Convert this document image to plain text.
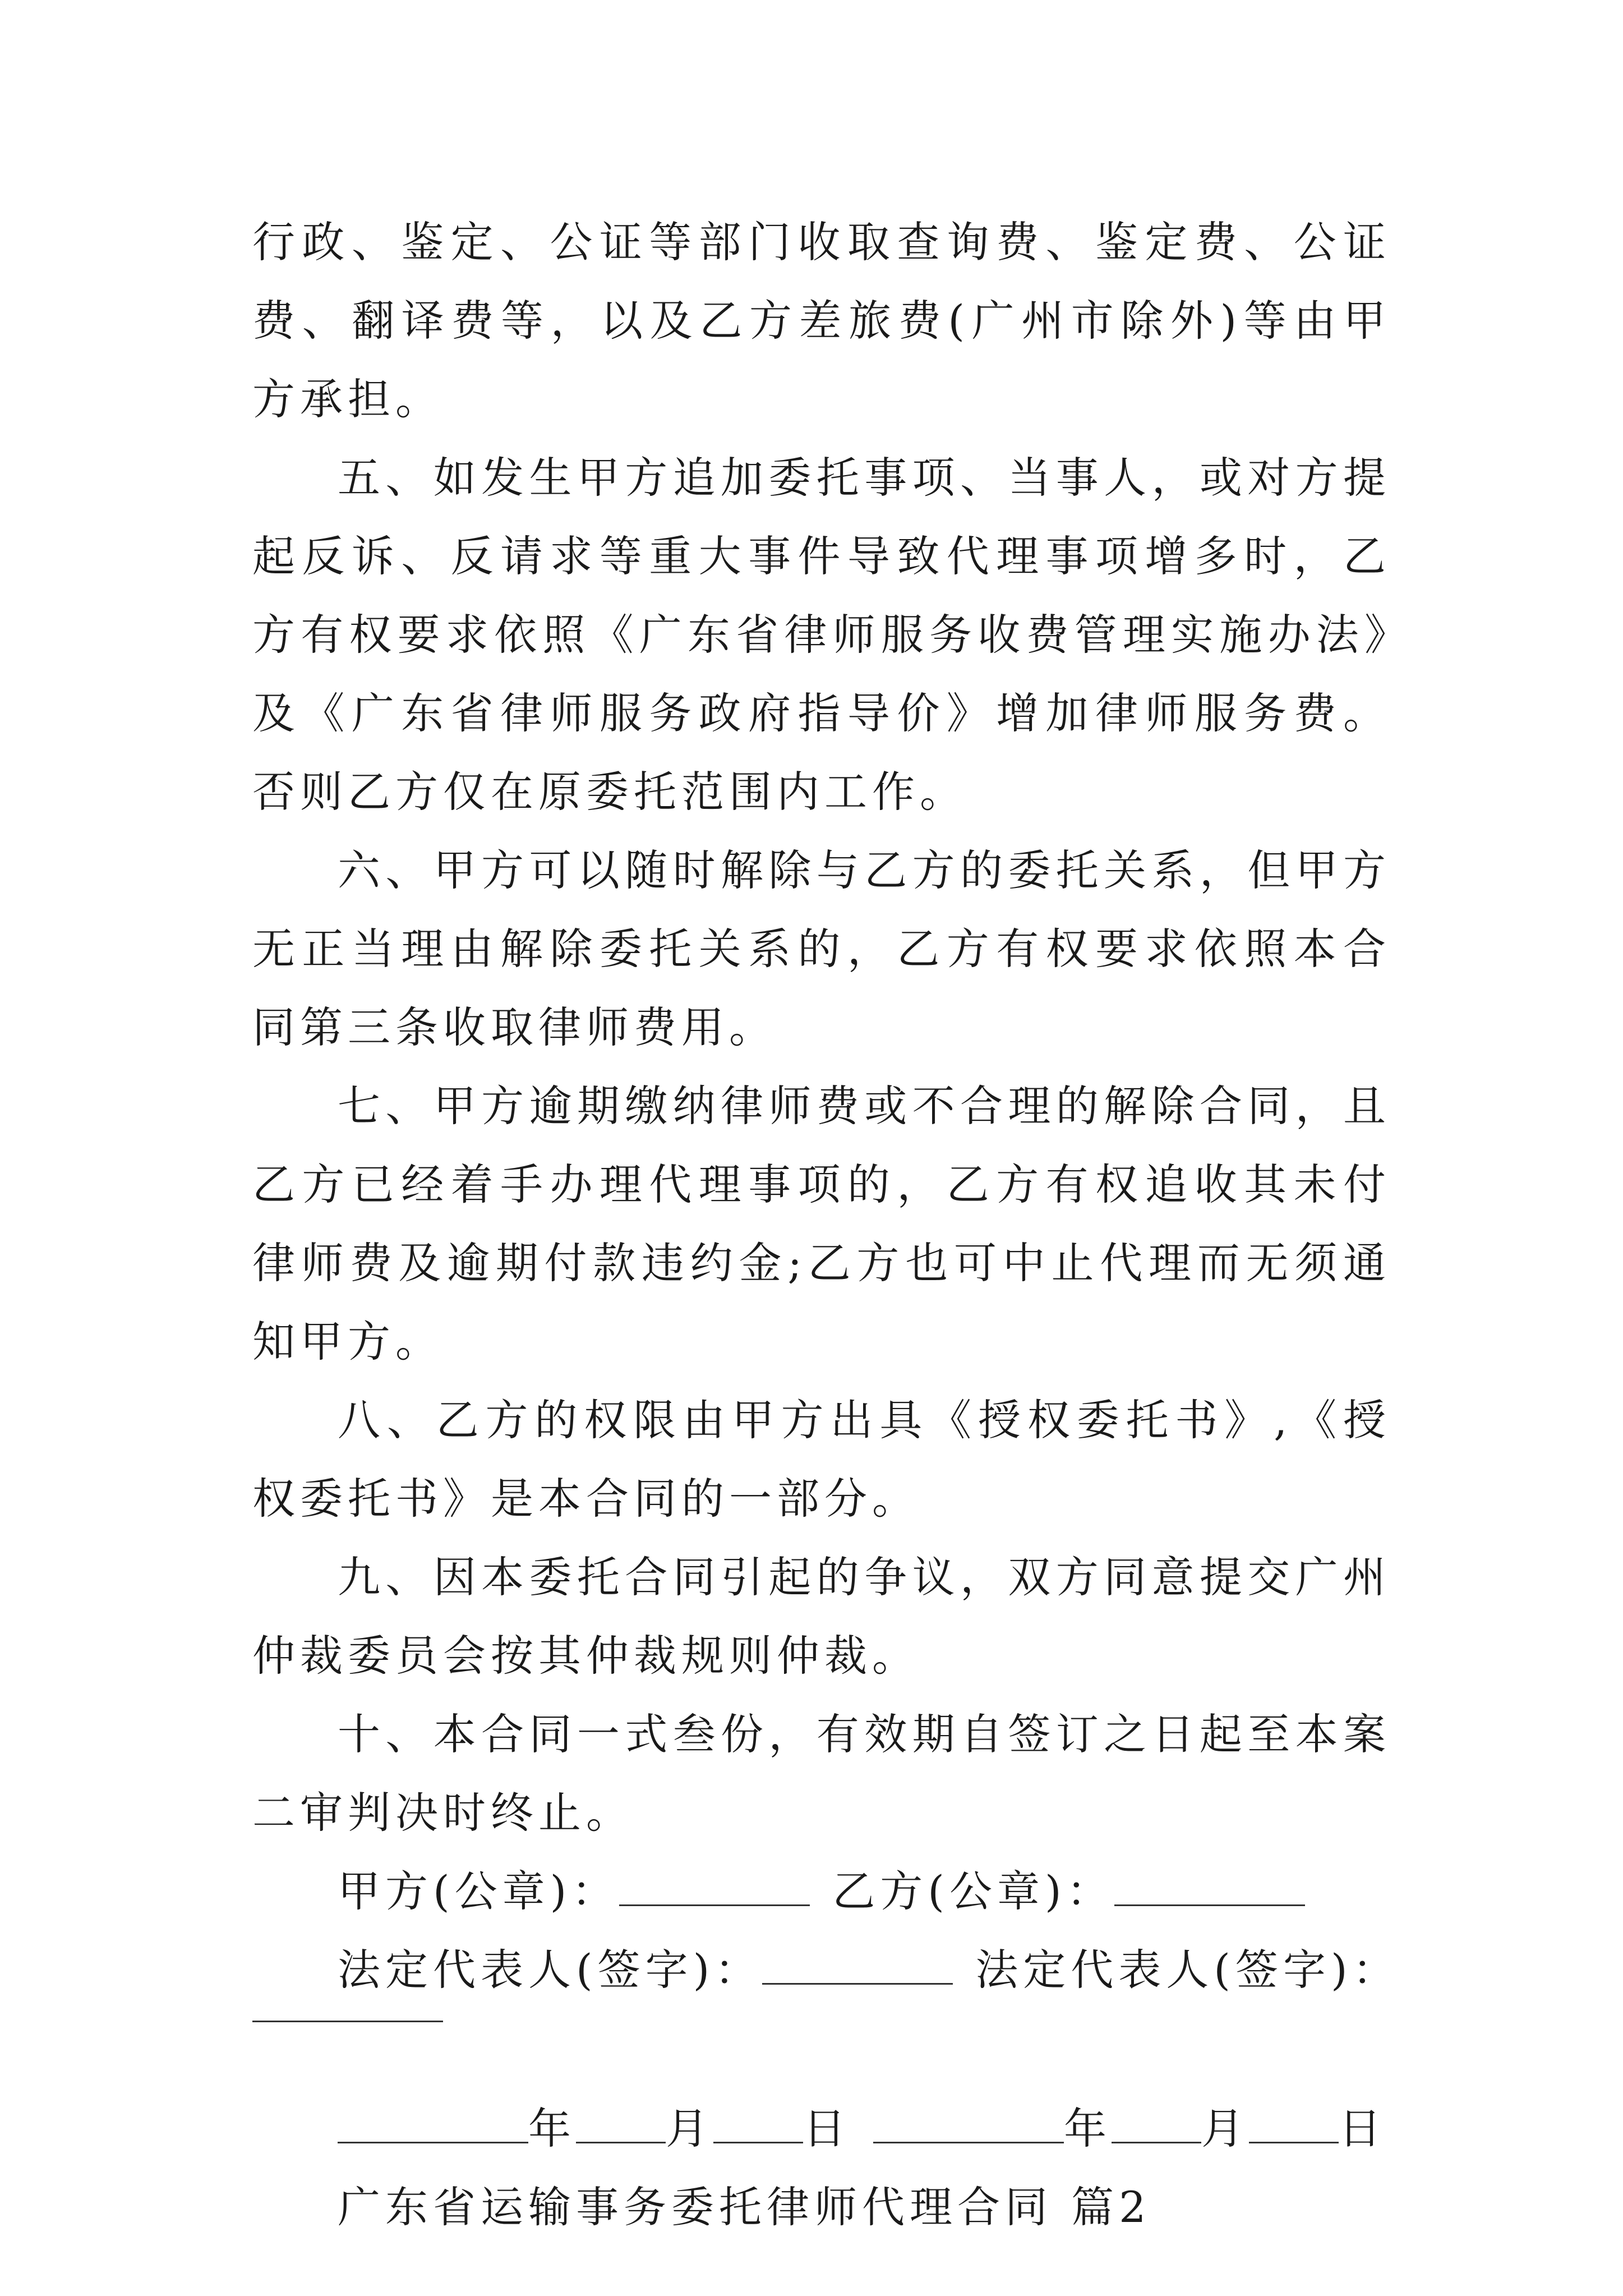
行政、鉴定、公证等部门收取查询费、鉴定费、公证费、翻译费等，以及乙方差旅费(广州市除外)等由甲方承担。

五、如发生甲方追加委托事项、当事人，或对方提起反诉、反请求等重大事件导致代理事项增多时，乙方有权要求依照《广东省律师服务收费管理实施办法》及《广东省律师服务政府指导价》增加律师服务费。否则乙方仅在原委托范围内工作。

六、甲方可以随时解除与乙方的委托关系，但甲方无正当理由解除委托关系的，乙方有权要求依照本合同第三条收取律师费用。

七、甲方逾期缴纳律师费或不合理的解除合同，且乙方已经着手办理代理事项的，乙方有权追收其未付律师费及逾期付款违约金;乙方也可中止代理而无须通知甲方。

八、乙方的权限由甲方出具《授权委托书》,《授权委托书》是本合同的一部分。

九、因本委托合同引起的争议，双方同意提交广州仲裁委员会按其仲裁规则仲裁。

十、本合同一式叁份，有效期自签订之日起至本案二审判决时终止。

甲方(公章)：	乙方(公章)：
法定代表人(签字)：	法定代表人(签字)：
年 月 日	年 月 日
广东省运输事务委托律师代理合同 篇2
